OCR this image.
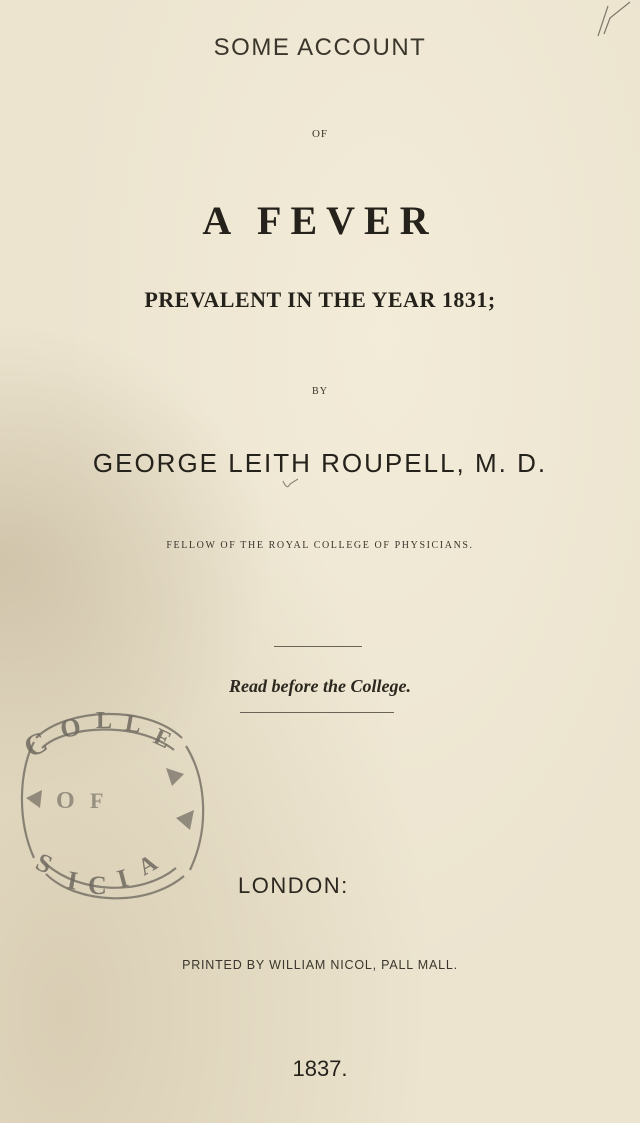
SOME ACCOUNT
OF
A FEVER
PREVALENT IN THE YEAR 1831;
BY
GEORGE LEITH ROUPELL, M. D.
FELLOW OF THE ROYAL COLLEGE OF PHYSICIANS.
Read before the College.
C O L L E
O F
S
I C I A
LONDON:
PRINTED BY WILLIAM NICOL, PALL MALL.
1837.
